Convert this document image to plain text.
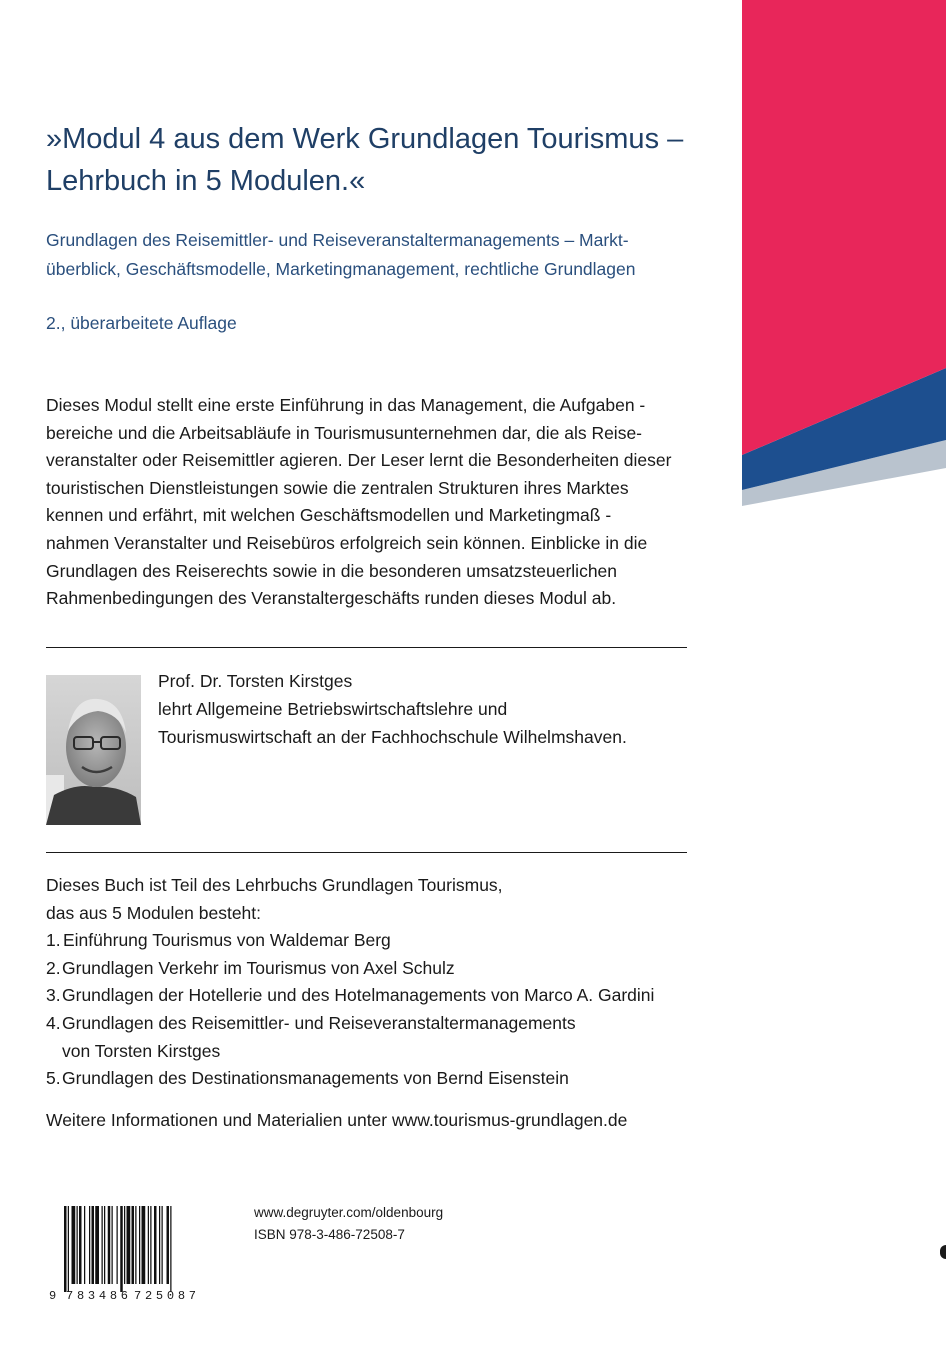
»Modul 4 aus dem Werk Grundlagen Tourismus –
Lehrbuch in 5 Modulen.«

Grundlagen des Reisemittler- und Reiseveranstaltermanagements – Markt-
überblick, Geschäftsmodelle, Marketingmanagement, rechtliche Grundlagen

2., überarbeitete Auflage

Dieses Modul stellt eine erste Einführung in das Management, die Aufgaben -
bereiche und die Arbeitsabläufe in Tourismusunternehmen dar, die als Reise-
veranstalter oder Reisemittler agieren. Der Leser lernt die Besonderheiten dieser
touristischen Dienstleistungen sowie die zentralen Strukturen ihres Marktes
kennen und erfährt, mit welchen Geschäftsmodellen und Marketingmaß -
nahmen Veranstalter und Reisebüros erfolgreich sein können. Einblicke in die
Grundlagen des Reiserechts sowie in die besonderen umsatzsteuerlichen
Rahmenbedingungen des Veranstaltergeschäfts runden dieses Modul ab.

Prof. Dr. Torsten Kirstges
lehrt Allgemeine Betriebswirtschaftslehre und
Tourismuswirtschaft an der Fachhochschule Wilhelmshaven.
Dieses Buch ist Teil des Lehrbuchs Grundlagen Tourismus,
das aus 5 Modulen besteht:
1. Einführung Tourismus von Waldemar Berg
2. Grundlagen Verkehr im Tourismus von Axel Schulz
3. Grundlagen der Hotellerie und des Hotelmanagements von Marco A. Gardini
4. Grundlagen des Reisemittler- und Reiseveranstaltermanagements
von Torsten Kirstges
5. Grundlagen des Destinationsmanagements von Bernd Eisenstein
Weitere Informationen und Materialien unter www.tourismus-grundlagen.de
9 783486 725087
www.degruyter.com/oldenbourg
ISBN 978-3-486-72508-7
